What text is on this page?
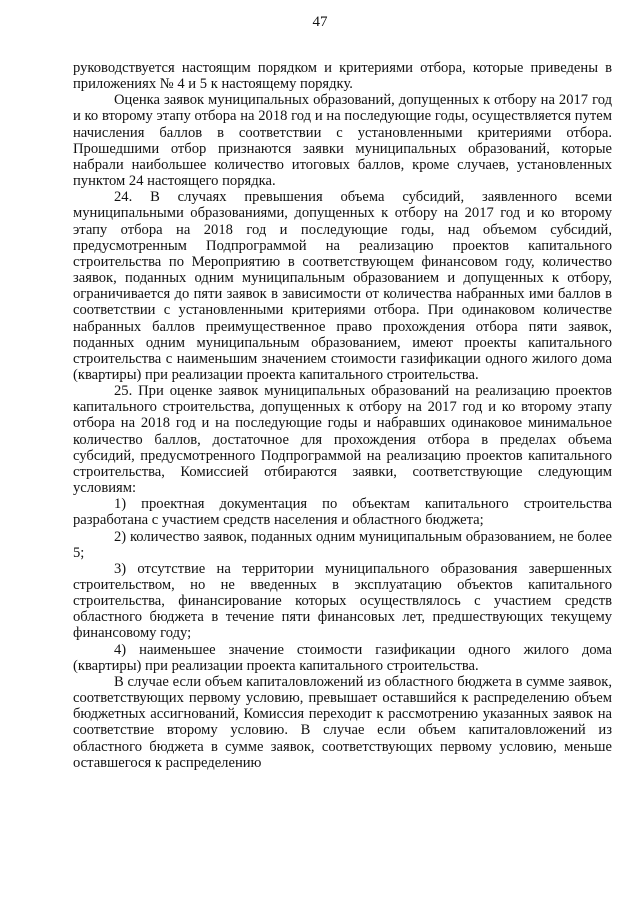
47

руководствуется настоящим порядком и критериями отбора, которые приведены в приложениях № 4 и 5 к настоящему порядку.

Оценка заявок муниципальных образований, допущенных к отбору на 2017 год и ко второму этапу отбора на 2018 год и на последующие годы, осуществляется путем начисления баллов в соответствии с установленными критериями отбора. Прошедшими отбор признаются заявки муниципальных образований, которые набрали наибольшее количество итоговых баллов, кроме случаев, установленных пунктом 24 настоящего порядка.

24. В случаях превышения объема субсидий, заявленного всеми муниципальными образованиями, допущенных к отбору на 2017 год и ко второму этапу отбора на 2018 год и последующие годы, над объемом субсидий, предусмотренным Подпрограммой на реализацию проектов капитального строительства по Мероприятию в соответствующем финансовом году, количество заявок, поданных одним муниципальным образованием и допущенных к отбору, ограничивается до пяти заявок в зависимости от количества набранных ими баллов в соответствии с установленными критериями отбора. При одинаковом количестве набранных баллов преимущественное право прохождения отбора пяти заявок, поданных одним муниципальным образованием, имеют проекты капитального строительства с наименьшим значением стоимости газификации одного жилого дома (квартиры) при реализации проекта капитального строительства.

25. При оценке заявок муниципальных образований на реализацию проектов капитального строительства, допущенных к отбору на 2017 год и ко второму этапу отбора на 2018 год и на последующие годы и набравших одинаковое минимальное количество баллов, достаточное для прохождения отбора в пределах объема субсидий, предусмотренного Подпрограммой на реализацию проектов капитального строительства, Комиссией отбираются заявки, соответствующие следующим условиям:

1) проектная документация по объектам капитального строительства разработана с участием средств населения и областного бюджета;

2) количество заявок, поданных одним муниципальным образованием, не более 5;

3) отсутствие на территории муниципального образования завершенных строительством, но не введенных в эксплуатацию объектов капитального строительства, финансирование которых осуществлялось с участием средств областного бюджета в течение пяти финансовых лет, предшествующих текущему финансовому году;

4) наименьшее значение стоимости газификации одного жилого дома (квартиры) при реализации проекта капитального строительства.

В случае если объем капиталовложений из областного бюджета в сумме заявок, соответствующих первому условию, превышает оставшийся к распределению объем бюджетных ассигнований, Комиссия переходит к рассмотрению указанных заявок на соответствие второму условию. В случае если объем капиталовложений из областного бюджета в сумме заявок, соответствующих первому условию, меньше оставшегося к распределению
